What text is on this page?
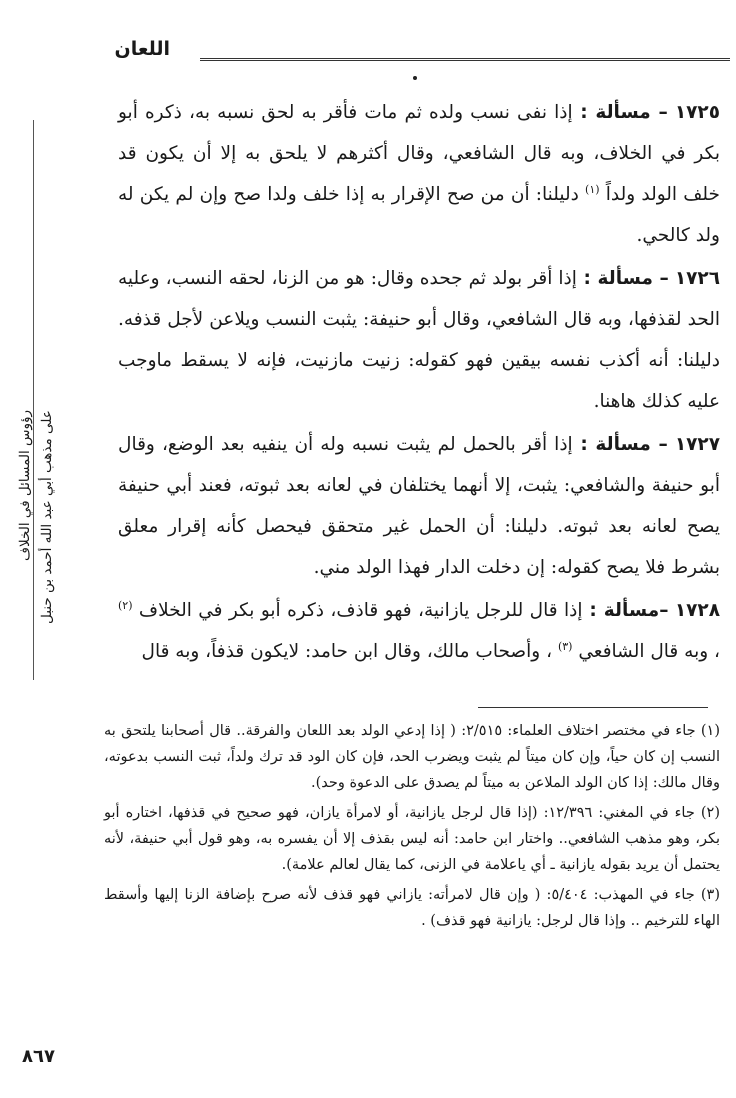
اللعان
رؤوس المسائل في الخلاف على مذهب أبي عبد الله أحمد بن حنبل

١٧٢٥ – مسألة : إذا نفى نسب ولده ثم مات فأقر به لحق نسبه به، ذكره أبو بكر في الخلاف، وبه قال الشافعي، وقال أكثرهم لا يلحق به إلا أن يكون قد خلف الولد ولداً $^{(١)}$ دليلنا: أن من صح الإقرار به إذا خلف ولدا صح وإن لم يكن له ولد كالحي.

١٧٢٦ – مسألة : إذا أقر بولد ثم جحده وقال: هو من الزنا، لحقه النسب، وعليه الحد لقذفها، وبه قال الشافعي، وقال أبو حنيفة: يثبت النسب ويلاعن لأجل قذفه. دليلنا: أنه أكذب نفسه بيقين فهو كقوله: زنيت مازنيت، فإنه لا يسقط ماوجب عليه كذلك هاهنا.

١٧٢٧ – مسألة : إذا أقر بالحمل لم يثبت نسبه وله أن ينفيه بعد الوضع، وقال أبو حنيفة والشافعي: يثبت، إلا أنهما يختلفان في لعانه بعد ثبوته، فعند أبي حنيفة يصح لعانه بعد ثبوته. دليلنا: أن الحمل غير متحقق فيحصل كأنه إقرار معلق بشرط فلا يصح كقوله: إن دخلت الدار فهذا الولد مني.

١٧٢٨ –مسألة : إذا قال للرجل يازانية، فهو قاذف، ذكره أبو بكر في الخلاف $^{(٢)}$ ، وبه قال الشافعي $^{(٣)}$ ، وأصحاب مالك، وقال ابن حامد: لايكون قذفاً، وبه قال

(١) جاء في مختصر اختلاف العلماء: ٢/٥١٥: ( إذا إدعي الولد بعد اللعان والفرقة.. قال أصحابنا يلتحق به النسب إن كان حياً، وإن كان ميتاً لم يثبت ويضرب الحد، فإن كان الود قد ترك ولداً، ثبت النسب بدعوته، وقال مالك: إذا كان الولد الملاعن به ميتاً لم يصدق على الدعوة وحد).

(٢) جاء في المغني: ١٢/٣٩٦: (إذا قال لرجل يازانية، أو لامرأة يازان، فهو صحيح في قذفها، اختاره أبو بكر، وهو مذهب الشافعي.. واختار ابن حامد: أنه ليس بقذف إلا أن يفسره به، وهو قول أبي حنيفة، لأنه يحتمل أن يريد بقوله يازانية ـ أي ياعلامة في الزنى، كما يقال لعالم علامة).

(٣) جاء في المهذب: ٥/٤٠٤: ( وإن قال لامرأته: يازاني فهو قذف لأنه صرح بإضافة الزنا إليها وأسقط الهاء للترخيم .. وإذا قال لرجل: يازانية فهو قذف) .

٨٦٧
